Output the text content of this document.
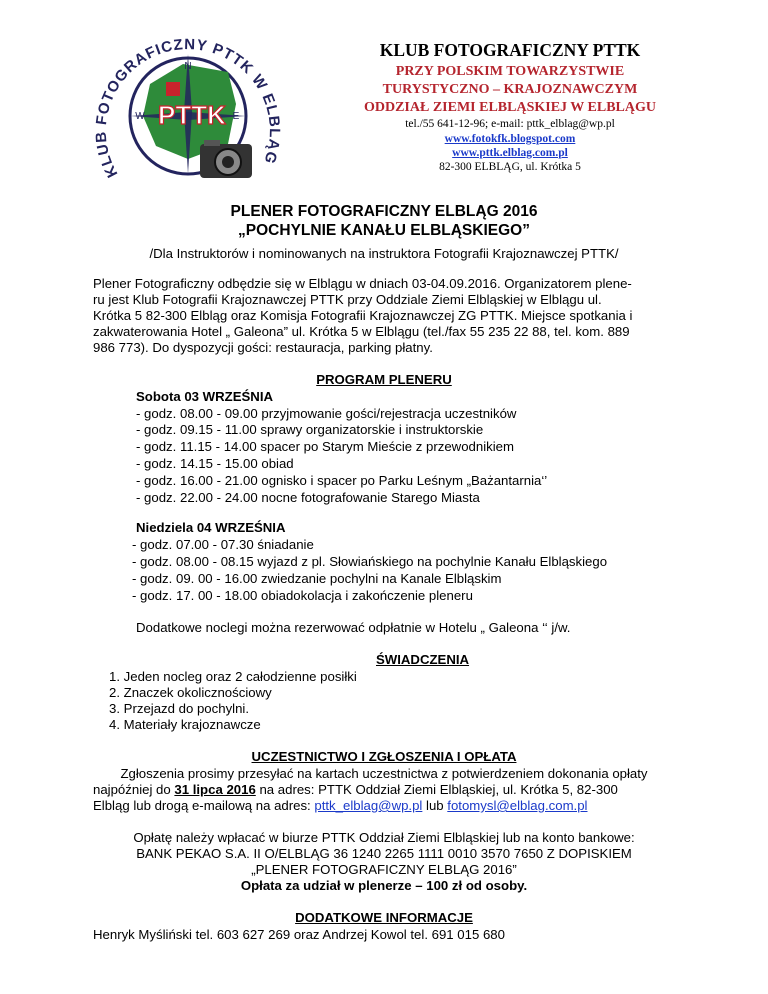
N
W	E
PTTK
KLUB FOTOGRAFICZNY PTTK W ELBLĄG
KLUB FOTOGRAFICZNY PTTK
PRZY POLSKIM TOWARZYSTWIE
TURYSTYCZNO – KRAJOZNAWCZYM
ODDZIAŁ ZIEMI ELBLĄSKIEJ W ELBLĄGU
tel./55 641-12-96; e-mail: pttk_elblag@wp.pl
www.fotokfk.blogspot.com
www.pttk.elblag.com.pl
82-300 ELBLĄG, ul. Krótka 5
PLENER FOTOGRAFICZNY ELBLĄG 2016
„POCHYLNIE KANAŁU ELBLĄSKIEGO”
/Dla Instruktorów i nominowanych na instruktora Fotografii Krajoznawczej PTTK/
Plener Fotograficzny odbędzie się w Elblągu w dniach 03-04.09.2016. Organizatorem plene-
ru jest Klub Fotografii Krajoznawczej PTTK przy Oddziale Ziemi Elbląskiej w Elblągu ul.
Krótka 5 82-300 Elbląg oraz Komisja Fotografii Krajoznawczej ZG PTTK. Miejsce spotkania i
zakwaterowania Hotel „ Galeona” ul. Krótka 5 w Elblągu (tel./fax 55 235 22 88, tel. kom. 889
986 773). Do dyspozycji gości: restauracja, parking płatny.
PROGRAM PLENERU
Sobota 03 WRZEŚNIA
- godz. 08.00 - 09.00 przyjmowanie gości/rejestracja uczestników
- godz. 09.15 - 11.00 sprawy organizatorskie i instruktorskie
- godz. 11.15 - 14.00 spacer po Starym Mieście z przewodnikiem
- godz. 14.15 - 15.00 obiad
- godz. 16.00 - 21.00 ognisko i spacer po Parku Leśnym „Bażantarnia‘’
- godz. 22.00 - 24.00 nocne fotografowanie Starego Miasta
Niedziela 04 WRZEŚNIA
- godz. 07.00 - 07.30 śniadanie
- godz. 08.00 - 08.15 wyjazd z pl. Słowiańskiego na pochylnie Kanału Elbląskiego
- godz. 09. 00 - 16.00 zwiedzanie pochylni na Kanale Elbląskim
- godz. 17. 00 - 18.00 obiadokolacja i zakończenie pleneru
Dodatkowe noclegi można rezerwować odpłatnie w Hotelu „ Galeona ‘‘ j/w.
ŚWIADCZENIA
1. Jeden nocleg oraz 2 całodzienne posiłki
2. Znaczek okolicznościowy
3. Przejazd do pochylni.
4. Materiały krajoznawcze
UCZESTNICTWO I ZGŁOSZENIA I OPŁATA
Zgłoszenia prosimy przesyłać na kartach uczestnictwa z potwierdzeniem dokonania opłaty
najpóźniej do 31 lipca 2016 na adres: PTTK Oddział Ziemi Elbląskiej, ul. Krótka 5, 82-300
Elbląg lub drogą e-mailową na adres: pttk_elblag@wp.pl lub fotomysl@elblag.com.pl
Opłatę należy wpłacać w biurze PTTK Oddział Ziemi Elbląskiej lub na konto bankowe:
BANK PEKAO S.A. II O/ELBLĄG 36 1240 2265 1111 0010 3570 7650 Z DOPISKIEM
„PLENER FOTOGRAFICZNY ELBLĄG 2016”
Opłata za udział w plenerze – 100 zł od osoby.
DODATKOWE INFORMACJE
Henryk Myśliński tel. 603 627 269 oraz Andrzej Kowol tel. 691 015 680
